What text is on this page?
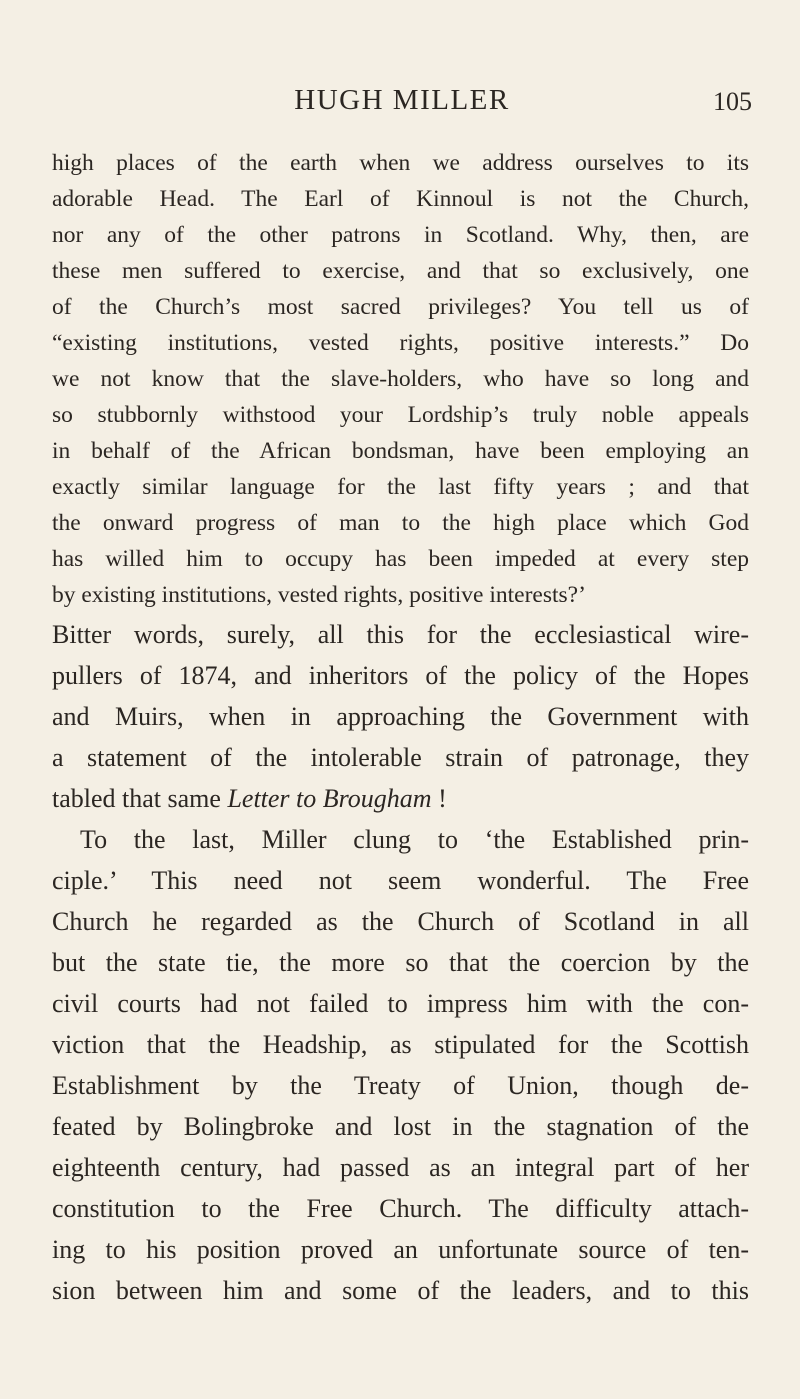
HUGH MILLER	105
high places of the earth when we address ourselves to its
adorable Head. The Earl of Kinnoul is not the Church,
nor any of the other patrons in Scotland. Why, then, are
these men suffered to exercise, and that so exclusively, one
of the Church’s most sacred privileges? You tell us of
“existing institutions, vested rights, positive interests.” Do
we not know that the slave-holders, who have so long and
so stubbornly withstood your Lordship’s truly noble appeals
in behalf of the African bondsman, have been employing an
exactly similar language for the last fifty years ; and that
the onward progress of man to the high place which God
has willed him to occupy has been impeded at every step
by existing institutions, vested rights, positive interests?’
Bitter words, surely, all this for the ecclesiastical wire-
pullers of 1874, and inheritors of the policy of the Hopes
and Muirs, when in approaching the Government with
a statement of the intolerable strain of patronage, they
tabled that same Letter to Brougham !
To the last, Miller clung to ‘the Established prin-
ciple.’ This need not seem wonderful. The Free
Church he regarded as the Church of Scotland in all
but the state tie, the more so that the coercion by the
civil courts had not failed to impress him with the con-
viction that the Headship, as stipulated for the Scottish
Establishment by the Treaty of Union, though de-
feated by Bolingbroke and lost in the stagnation of the
eighteenth century, had passed as an integral part of her
constitution to the Free Church. The difficulty attach-
ing to his position proved an unfortunate source of ten-
sion between him and some of the leaders, and to this
